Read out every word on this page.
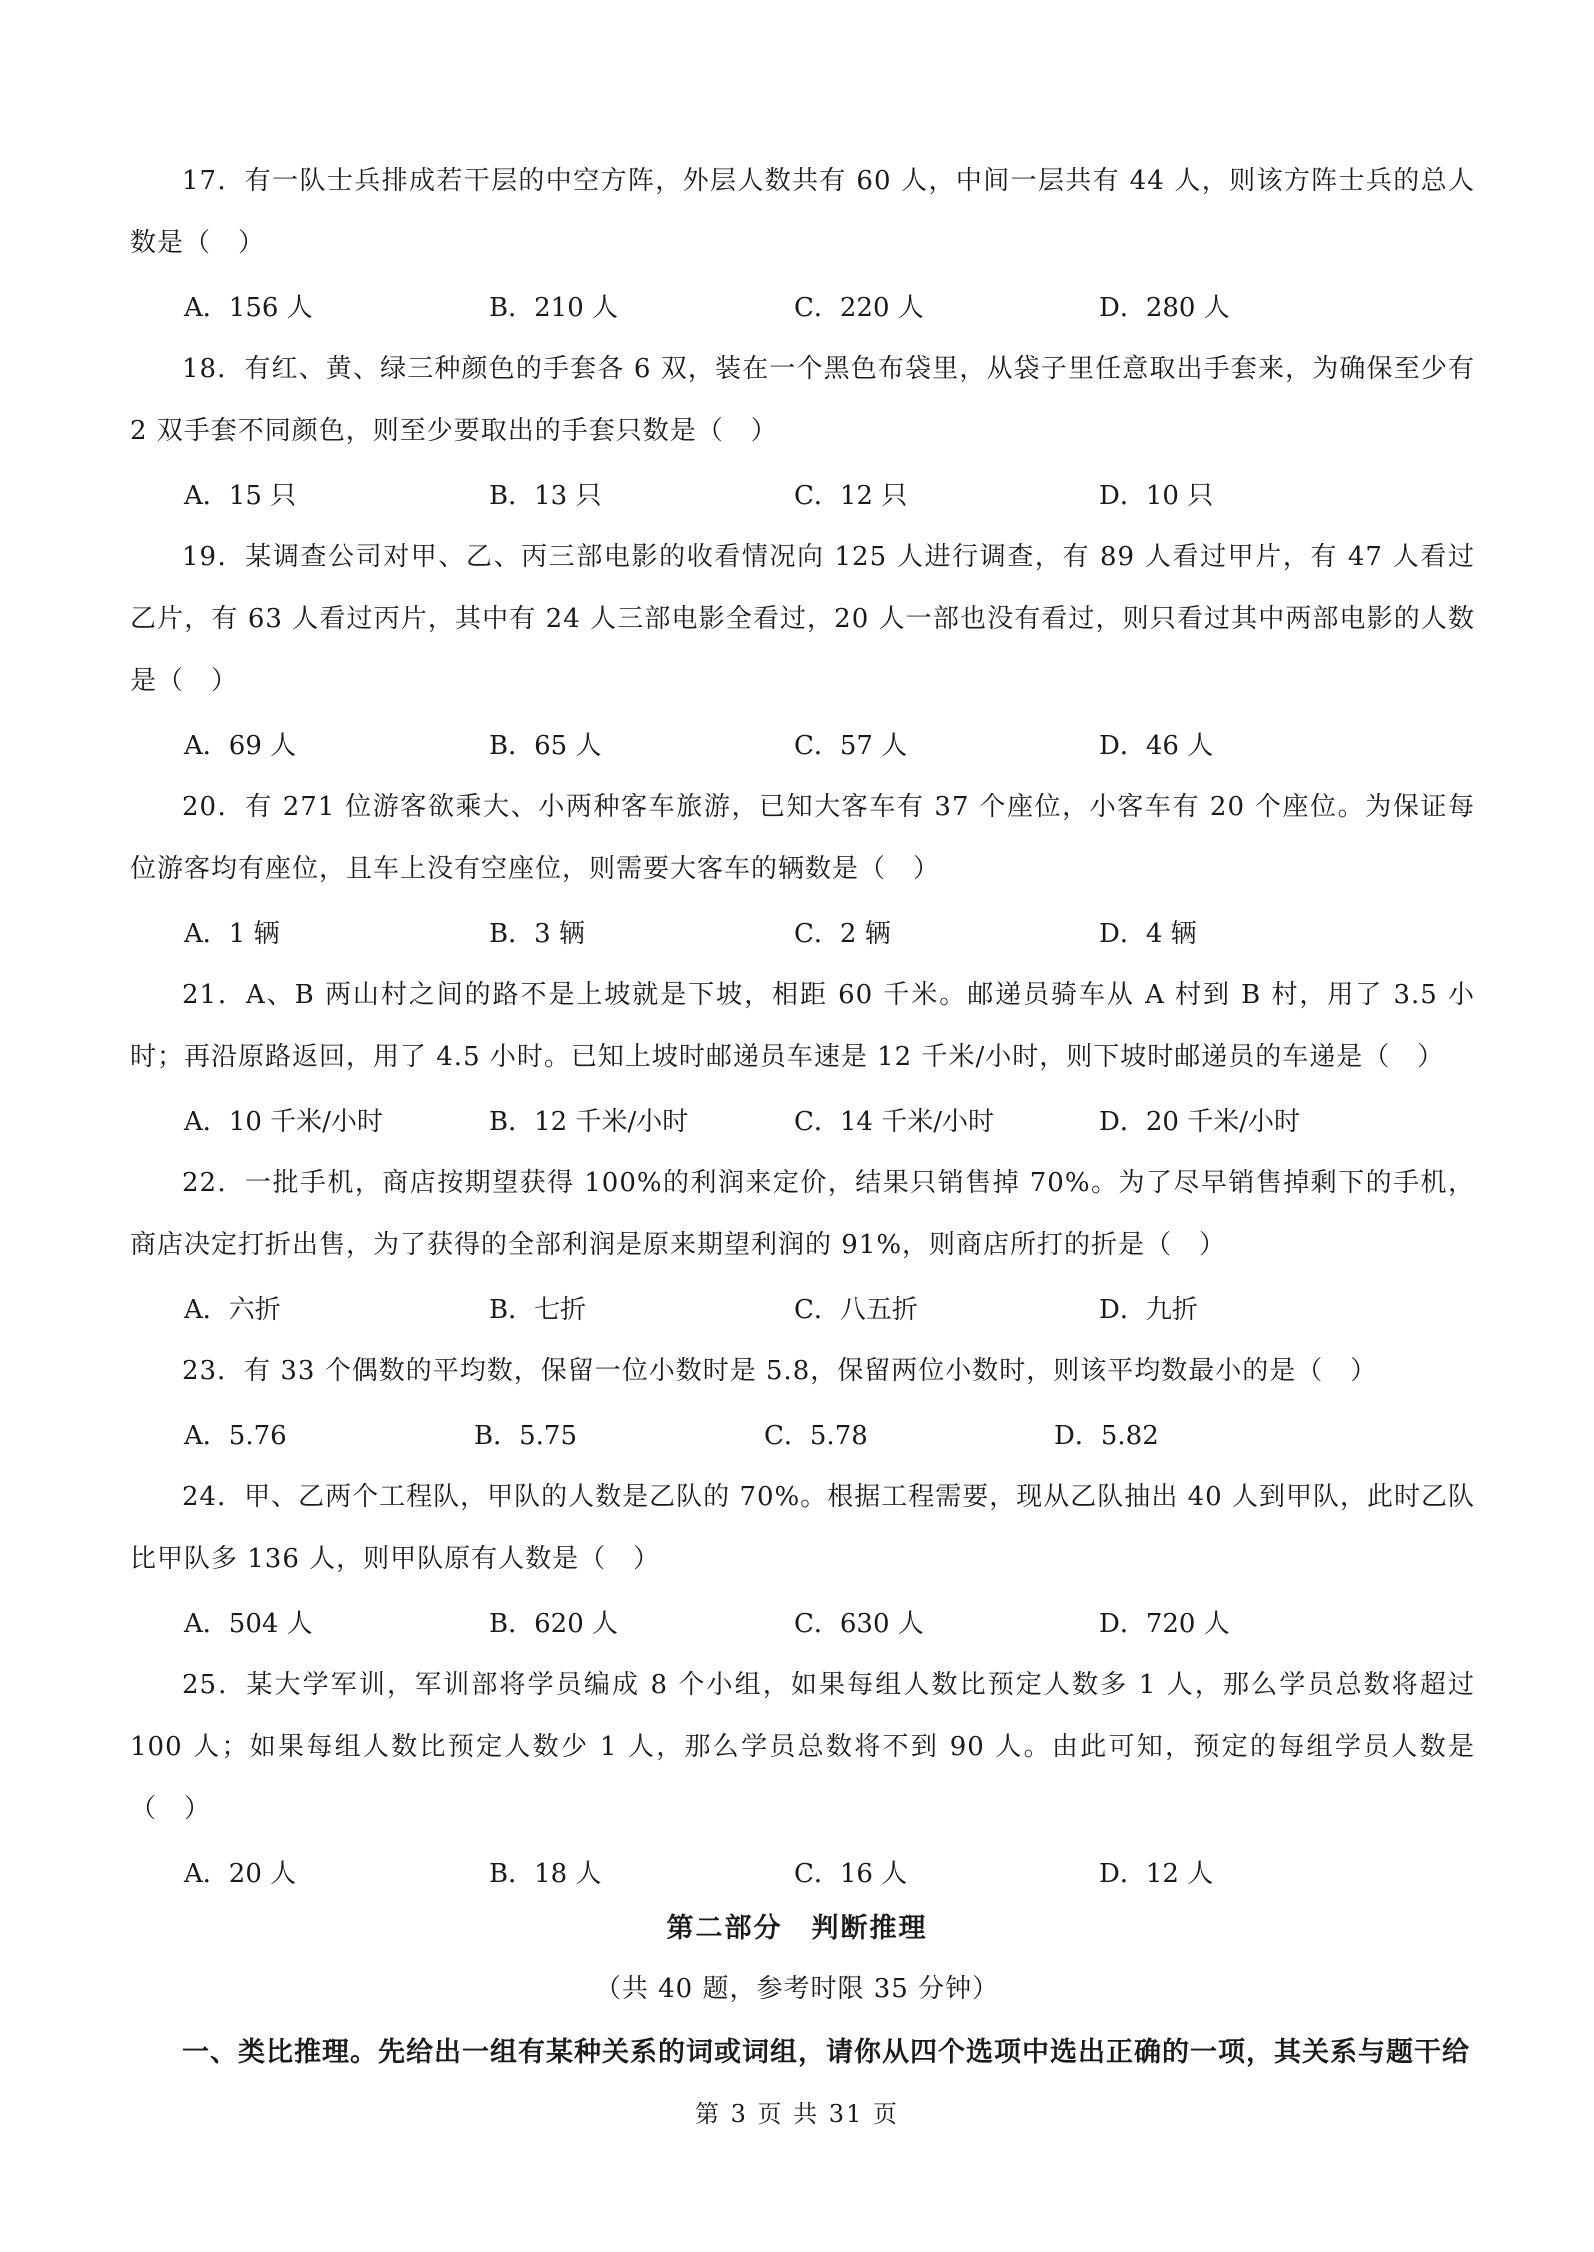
17．有一队士兵排成若干层的中空方阵，外层人数共有 60 人，中间一层共有 44 人，则该方阵士兵的总人数是（　）

A．156 人	B．210 人	C．220 人	D．280 人

18．有红、黄、绿三种颜色的手套各 6 双，装在一个黑色布袋里，从袋子里任意取出手套来，为确保至少有 2 双手套不同颜色，则至少要取出的手套只数是（　）

A．15 只	B．13 只	C．12 只	D．10 只

19．某调查公司对甲、乙、丙三部电影的收看情况向 125 人进行调查，有 89 人看过甲片，有 47 人看过乙片，有 63 人看过丙片，其中有 24 人三部电影全看过，20 人一部也没有看过，则只看过其中两部电影的人数是（　）

A．69 人	B．65 人	C．57 人	D．46 人

20．有 271 位游客欲乘大、小两种客车旅游，已知大客车有 37 个座位，小客车有 20 个座位。为保证每位游客均有座位，且车上没有空座位，则需要大客车的辆数是（　）

A．1 辆	B．3 辆	C．2 辆	D．4 辆

21．A、B 两山村之间的路不是上坡就是下坡，相距 60 千米。邮递员骑车从 A 村到 B 村，用了 3.5 小时；再沿原路返回，用了 4.5 小时。已知上坡时邮递员车速是 12 千米/小时，则下坡时邮递员的车递是（　）

A．10 千米/小时	B．12 千米/小时	C．14 千米/小时	D．20 千米/小时

22．一批手机，商店按期望获得 100%的利润来定价，结果只销售掉 70%。为了尽早销售掉剩下的手机，商店决定打折出售，为了获得的全部利润是原来期望利润的 91%，则商店所打的折是（　）

A．六折	B．七折	C．八五折	D．九折

23．有 33 个偶数的平均数，保留一位小数时是 5.8，保留两位小数时，则该平均数最小的是（　）

A．5.76	B．5.75	C．5.78	D．5.82

24．甲、乙两个工程队，甲队的人数是乙队的 70%。根据工程需要，现从乙队抽出 40 人到甲队，此时乙队比甲队多 136 人，则甲队原有人数是（　）

A．504 人	B．620 人	C．630 人	D．720 人

25．某大学军训，军训部将学员编成 8 个小组，如果每组人数比预定人数多 1 人，那么学员总数将超过 100 人；如果每组人数比预定人数少 1 人，那么学员总数将不到 90 人。由此可知，预定的每组学员人数是（　）

A．20 人	B．18 人	C．16 人	D．12 人
第二部分　判断推理
（共 40 题，参考时限 35 分钟）
一、类比推理。先给出一组有某种关系的词或词组，请你从四个选项中选出正确的一项，其关系与题干给
第 3 页 共 31 页
